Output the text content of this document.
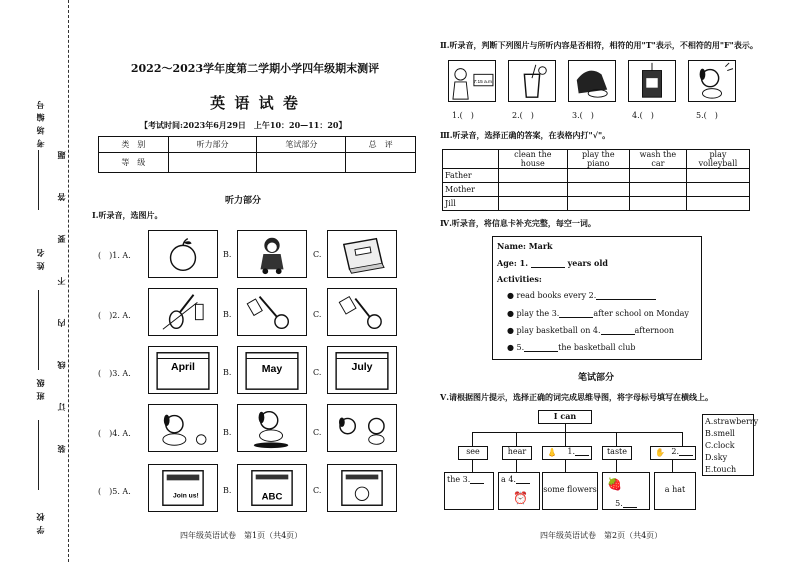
考 场 编 号
姓 名
班 级
学 校
题
答
要
不
内
线
订
装
2022～2023学年度第二学期小学四年级期末测评
英 语 试 卷
【考试时间:2023年6月29日　上午10：20—11：20】
类　别	听力部分	笔试部分	总　评
等　级			
听力部分
Ⅰ.听录音，选图片。
(　)1. A.	B.	C.
(　)2. A.	B.	C.
(　)3. A.
April	B.	May	C.	July
(　)4. A.	B.	C.
(　)5. A.
Join us!
B.
ABC
C.
四年级英语试卷　第1页（共4页）
Ⅱ.听录音，判断下列图片与所听内容是否相符，相符的用"T"表示，不相符的用"F"表示。
7:15 a.m.
1.(　)	2.(　)	3.(　)	4.(　)	5.(　)
Ⅲ.听录音，选择正确的答案，在表格内打"√"。
	clean the house	play the piano	wash the car	play volleyball
Father				
Mother				
Jill				
Ⅳ.听录音，将信息卡补充完整，每空一词。
Name: Mark
Age: 1.	years old
Activities:
● read books every 2.
● play the 3.	after school on Monday
● play basketball on 4.	afternoon
● 5.	the basketball club
笔试部分
Ⅴ.请根据图片提示，选择正确的词完成思维导图，将字母标号填写在横线上。
I can
see	hear	👃 1.	taste	✋ 2.
the 3.	a 4.
⏰
some flowers 🍓
5.
a hat
A.strawberry
B.smell
C.clock
D.sky
E.touch
四年级英语试卷　第2页（共4页）
